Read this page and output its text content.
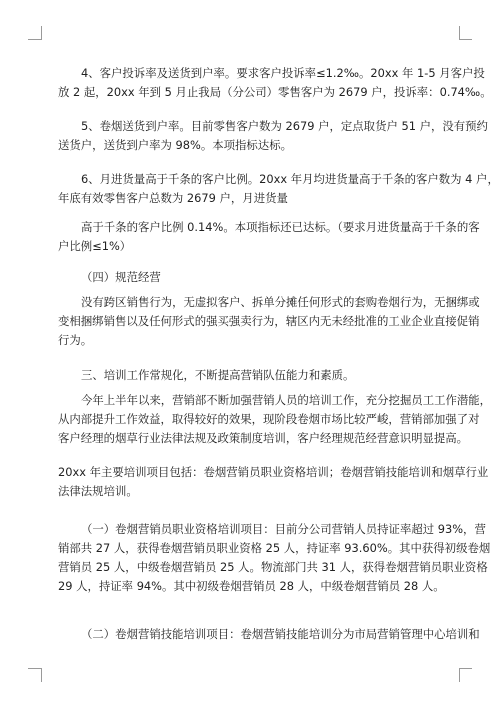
4、客户投诉率及送货到户率。要求客户投诉率≤1.2‰。20xx 年 1-5 月客户投
放 2 起，20xx 年到 5 月止我局（分公司）零售客户为 2679 户，投诉率：0.74‰。

5、卷烟送货到户率。目前零售客户数为 2679 户，定点取货户 51 户，没有预约
送货户，送货到户率为 98%。本项指标达标。

6、月进货量高于千条的客户比例。20xx 年月均进货量高于千条的客户数为 4 户，
年底有效零售客户总数为 2679 户，月进货量

高于千条的客户比例 0.14%。本项指标还已达标。（要求月进货量高于千条的客
户比例≤1%）

（四）规范经营

没有跨区销售行为，无虚拟客户、拆单分摊任何形式的套购卷烟行为，无捆绑或
变相捆绑销售以及任何形式的强买强卖行为，辖区内无未经批准的工业企业直接促销
行为。

三、培训工作常规化，不断提高营销队伍能力和素质。

今年上半年以来，营销部不断加强营销人员的培训工作，充分挖掘员工工作潜能，
从内部提升工作效益，取得较好的效果，现阶段卷烟市场比较严峻，营销部加强了对
客户经理的烟草行业法律法规及政策制度培训，客户经理规范经营意识明显提高。

20xx 年主要培训项目包括：卷烟营销员职业资格培训；卷烟营销技能培训和烟草行业
法律法规培训。

（一）卷烟营销员职业资格培训项目：目前分公司营销人员持证率超过 93%，营
销部共 27 人，获得卷烟营销员职业资格 25 人，持证率 93.60%。其中获得初级卷烟
营销员 25 人，中级卷烟营销员 25 人。物流部门共 31 人，获得卷烟营销员职业资格
29 人，持证率 94%。其中初级卷烟营销员 28 人，中级卷烟营销员 28 人。

（二）卷烟营销技能培训项目：卷烟营销技能培训分为市局营销管理中心培训和
